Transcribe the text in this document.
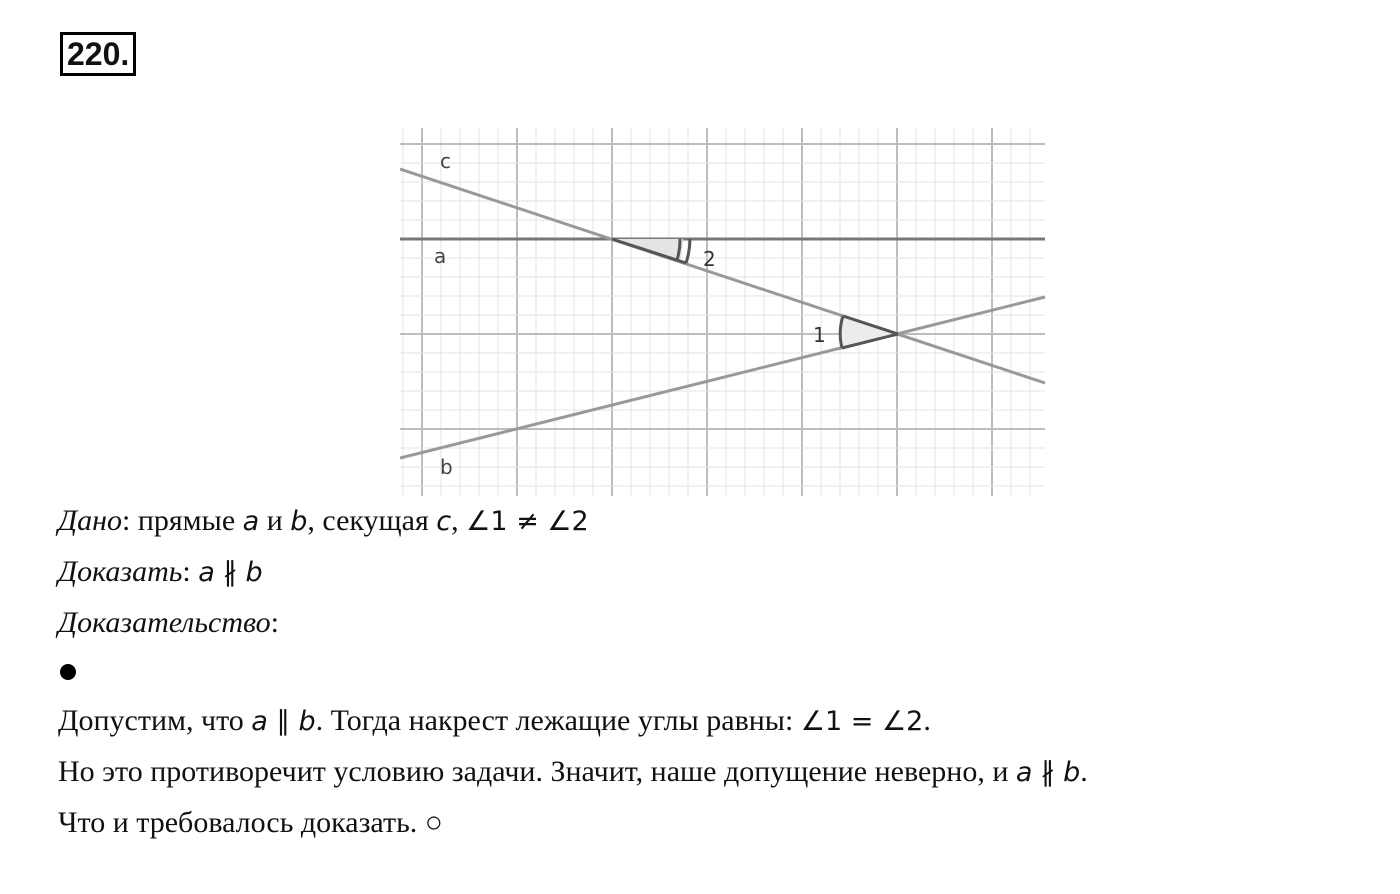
220.
c
a
b
2
1
Дано: прямые a и b, секущая c, ∠1 ≠ ∠2
Доказать: a ∦ b
Доказательство:
Допустим, что a ∥ b. Тогда накрест лежащие углы равны: ∠1 = ∠2.
Но это противоречит условию задачи. Значит, наше допущение неверно, и a ∦ b.
Что и требовалось доказать. ○
